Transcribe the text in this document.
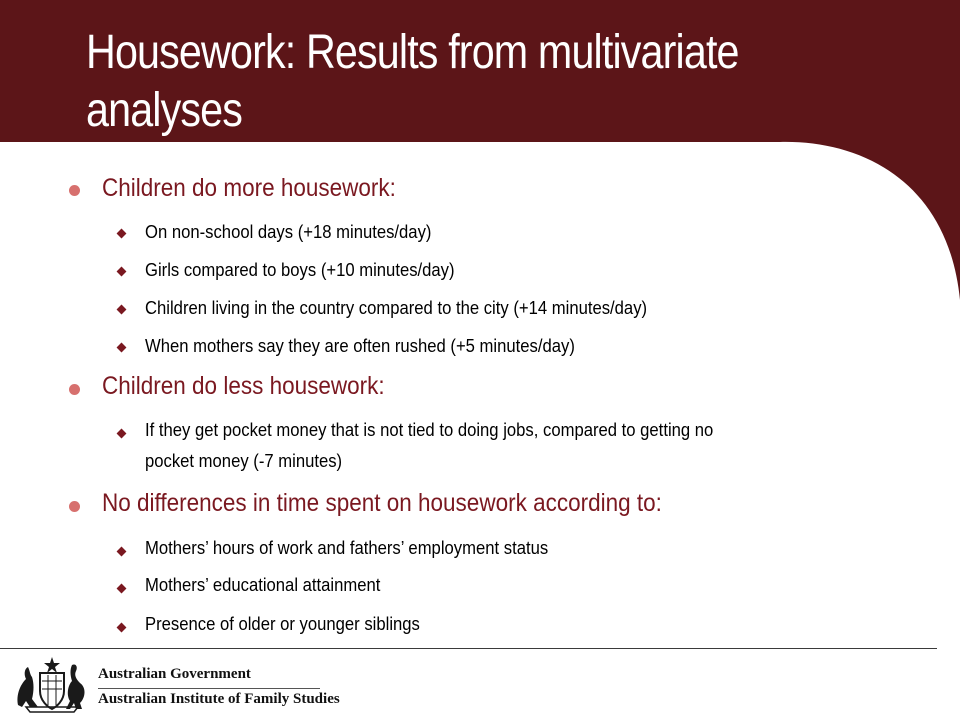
Housework: Results from multivariate
analyses
Children do more housework:
On non-school days (+18 minutes/day)
Girls compared to boys (+10 minutes/day)
Children living in the country compared to the city (+14 minutes/day)
When mothers say they are often rushed (+5 minutes/day)
Children do less housework:
If they get pocket money that is not tied to doing jobs, compared to getting no
pocket money (-7 minutes)
No differences in time spent on housework according to:
Mothers’ hours of work and fathers’ employment status
Mothers’ educational attainment
Presence of older or younger siblings
Australian Government
Australian Institute of Family Studies
